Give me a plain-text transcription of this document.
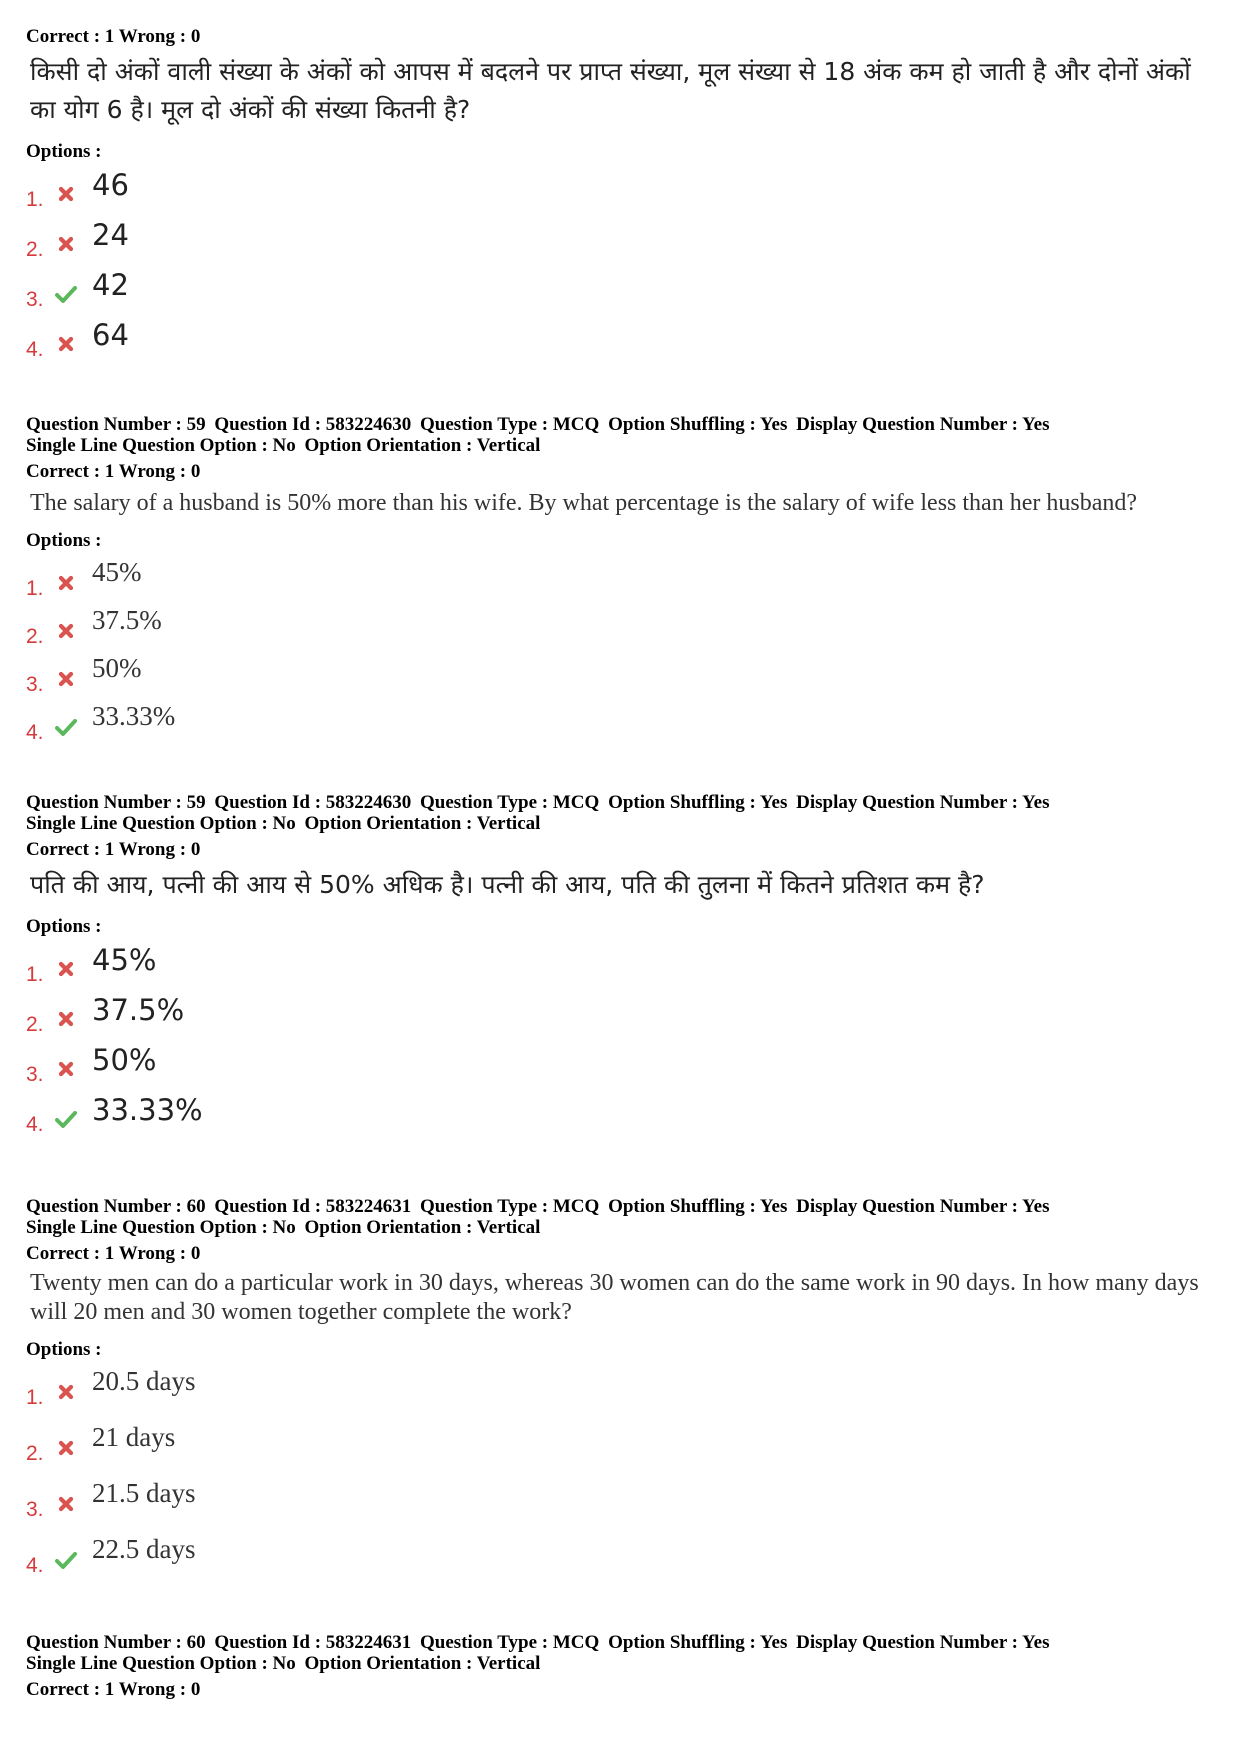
Correct : 1 Wrong : 0

किसी दो अंकों वाली संख्या के अंकों को आपस में बदलने पर प्राप्त संख्या, मूल संख्या से 18 अंक कम हो जाती है और दोनों अंकों का योग 6 है। मूल दो अंकों की संख्या कितनी है?

Options :

1. 46
2. 24
3. 42
4. 64

Question Number : 59 Question Id : 583224630 Question Type : MCQ Option Shuffling : Yes Display Question Number : Yes

Single Line Question Option : No Option Orientation : Vertical

Correct : 1 Wrong : 0

The salary of a husband is 50% more than his wife. By what percentage is the salary of wife less than her husband?

Options :

1.
45%
2.
37.5%
3.
50%
4.
33.33%

Question Number : 59 Question Id : 583224630 Question Type : MCQ Option Shuffling : Yes Display Question Number : Yes

Single Line Question Option : No Option Orientation : Vertical

Correct : 1 Wrong : 0

पति की आय, पत्नी की आय से 50% अधिक है। पत्नी की आय, पति की तुलना में कितने प्रतिशत कम है?

Options :

1. 45%
2. 37.5%
3. 50%
4. 33.33%

Question Number : 60 Question Id : 583224631 Question Type : MCQ Option Shuffling : Yes Display Question Number : Yes

Single Line Question Option : No Option Orientation : Vertical

Correct : 1 Wrong : 0

Twenty men can do a particular work in 30 days, whereas 30 women can do the same work in 90 days. In how many days will 20 men and 30 women together complete the work?

Options :

1.
20.5 days
2.
21 days
3.
21.5 days
4.
22.5 days

Question Number : 60 Question Id : 583224631 Question Type : MCQ Option Shuffling : Yes Display Question Number : Yes

Single Line Question Option : No Option Orientation : Vertical

Correct : 1 Wrong : 0
